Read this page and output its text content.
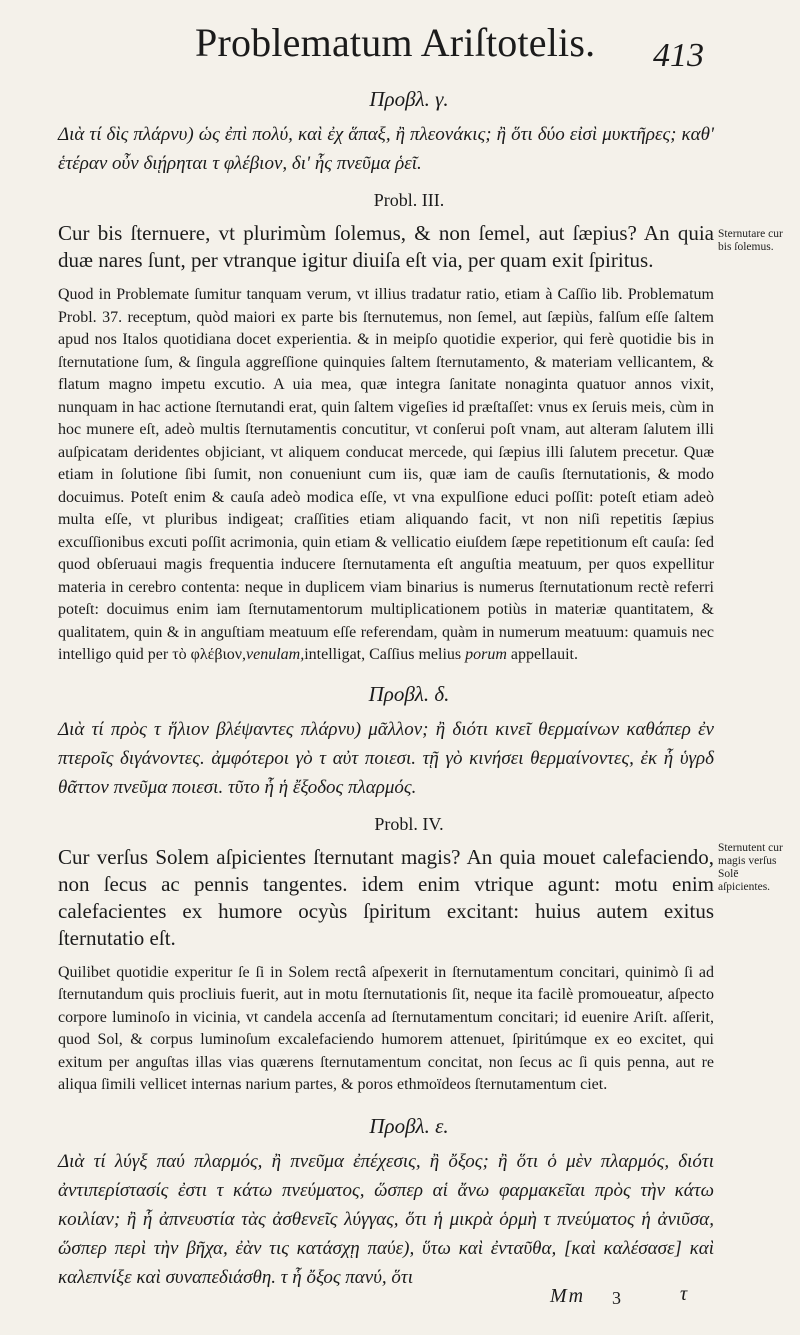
Problematum Ariſtotelis. 413
Πρoβλ. γ.

Διὰ τί δὶς πλάρνυ) ὡς ἐπὶ πολύ, καὶ ἐχ ἅπαξ, ἢ πλεονάκις; ἢ ὅτι δύο εἰσὶ μυκτῆρες; καθ' ἑτέραν οὖν διῄρηται τ φλέβιον, δι' ἧς πνεῦμα ῥεῖ.

Probl. III.

Cur bis ſternuere, vt plurimùm ſolemus, & non ſemel, aut ſæpius? An quia duæ nares ſunt, per vtranque igitur diuiſa eſt via, per quam exit ſpiritus.

Quod in Problemate ſumitur tanquam verum, vt illius tradatur ratio, etiam à Caſſio lib. Problematum Probl. 37. receptum, quòd maiori ex parte bis ſternutemus, non ſemel, aut ſæpiùs, falſum eſſe ſaltem apud nos Italos quotidiana docet experientia. & in meipſo quotidie experior, qui ferè quotidie bis in ſternutatione ſum, & ſingula aggreſſione quinquies ſaltem ſternutamento, & materiam vellicantem, & flatum magno impetu excutio. A uia mea, quæ integra ſanitate nonaginta quatuor annos vixit, nunquam in hac actione ſternutandi erat, quin ſaltem vigeſies id præſtaſſet: vnus ex ſeruis meis, cùm in hoc munere eſt, adeò multis ſternutamentis concutitur, vt conſerui poſt vnam, aut alteram ſalutem illi auſpicatam deridentes objiciant, vt aliquem conducat mercede, qui ſæpius illi ſalutem precetur. Quæ etiam in ſolutione ſibi ſumit, non conueniunt cum iis, quæ iam de cauſis ſternutationis, & modo docuimus. Poteſt enim & cauſa adeò modica eſſe, vt vna expulſione educi poſſit: poteſt etiam adeò multa eſſe, vt pluribus indigeat; craſſities etiam aliquando facit, vt non niſi repetitis ſæpius excuſſionibus excuti poſſit acrimonia, quin etiam & vellicatio eiuſdem ſæpe repetitionum eſt cauſa: ſed quod obſeruaui magis frequentia inducere ſternutamenta eſt anguſtia meatuum, per quos expellitur materia in cerebro contenta: neque in duplicem viam binarius is numerus ſternutationum rectè referri poteſt: docuimus enim iam ſternutamentorum multiplicationem potiùs in materiæ quantitatem, & qualitatem, quin & in anguſtiam meatuum eſſe referendam, quàm in numerum meatuum: quamuis nec intelligo quid per τὸ φλέβιον,venulam,intelligat, Caſſius melius porum appellauit.

Πρoβλ. δ.

Διὰ τί πρὸς τ ἥλιον βλέψαντες πλάρνυ) μᾶλλον; ἢ διότι κινεῖ θερμαίνων καθάπερ ἐν πτεροῖς διγάνοντες. ἀμφότεροι γὸ τ αὐτ ποιεσι. τῇ γὸ κινήσει θερμαίνοντες, ἐκ ἧ ὑγρδ θᾶττον πνεῦμα ποιεσι. τῦτο ἧ ἡ ἔξοδος πλαρμός.

Probl. IV.

Cur verſus Solem aſpicientes ſternutant magis? An quia mouet calefaciendo, non ſecus ac pennis tangentes. idem enim vtrique agunt: motu enim calefacientes ex humore ocyùs ſpiritum excitant: huius autem exitus ſternutatio eſt.

Quilibet quotidie experitur ſe ſi in Solem rectâ aſpexerit in ſternutamentum concitari, quinimò ſi ad ſternutandum quis procliuis fuerit, aut in motu ſternutationis ſit, neque ita facilè promoueatur, aſpecto corpore luminoſo in vicinia, vt candela accenſa ad ſternutamentum concitari; id euenire Ariſt. aſſerit, quod Sol, & corpus luminoſum excalefaciendo humorem attenuet, ſpiritúmque ex eo excitet, qui exitum per anguſtas illas vias quærens ſternutamentum concitat, non ſecus ac ſi quis penna, aut re aliqua ſimili vellicet internas narium partes, & poros ethmoïdeos ſternutamentum ciet.

Πρoβλ. ε.

Διὰ τί λύγξ παύ πλαρμός, ἢ πνεῦμα ἐπέχεσις, ἢ ὄξος; ἢ ὅτι ὁ μὲν πλαρμός, διότι ἀντιπερίστασίς ἐστι τ κάτω πνεύματος, ὥσπερ αἱ ἄνω φαρμακεῖαι πρὸς τὴν κάτω κοιλίαν; ἢ ἧ ἀπνευστία τὰς ἀσθενεῖς λύγγας, ὅτι ἡ μικρὰ ὁρμὴ τ πνεύματος ἡ ἀνιῦσα, ὥσπερ περὶ τὴν βῆχα, ἐὰν τις κατάσχῃ παύε), ὕτω καὶ ἐνταῦθα, [καὶ καλέσασε] καὶ καλεπνίξε καὶ συναπεδιάσθη. τ ἧ ὄξος πανύ, ὅτι

Sternutare cur bis ſolemus.
Sternutent cur magis verſus Solē aſpicientes.
Mm 3	τ
